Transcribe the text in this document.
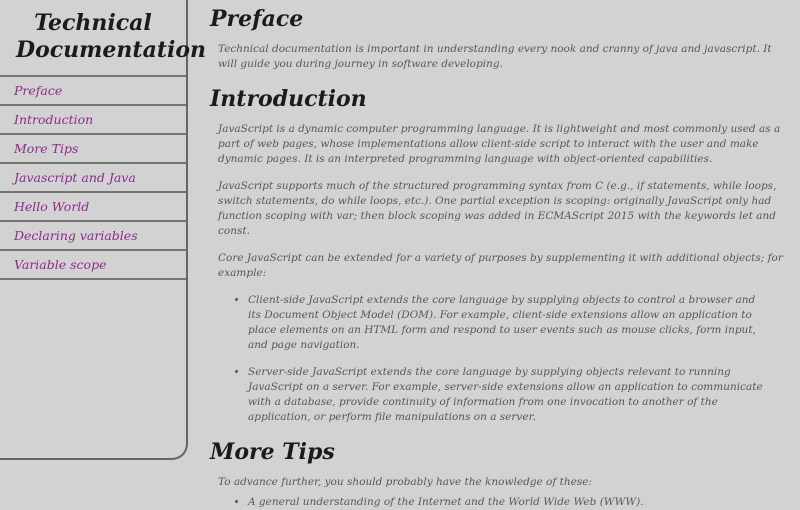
Technical Documentation
Preface
Introduction
More Tips
Javascript and Java
Hello World
Declaring variables
Variable scope
Preface

Technical documentation is important in understanding every nook and cranny of java and javascript. It will guide you during journey in software developing.

Introduction

JavaScript is a dynamic computer programming language. It is lightweight and most commonly used as a part of web pages, whose implementations allow client-side script to interact with the user and make dynamic pages. It is an interpreted programming language with object-oriented capabilities.

JavaScript supports much of the structured programming syntax from C (e.g., if statements, while loops, switch statements, do while loops, etc.). One partial exception is scoping: originally JavaScript only had function scoping with var; then block scoping was added in ECMAScript 2015 with the keywords let and const.

Core JavaScript can be extended for a variety of purposes by supplementing it with additional objects; for example:

• Client-side JavaScript extends the core language by supplying objects to control a browser and its Document Object Model (DOM). For example, client-side extensions allow an application to place elements on an HTML form and respond to user events such as mouse clicks, form input, and page navigation.
• Server-side JavaScript extends the core language by supplying objects relevant to running JavaScript on a server. For example, server-side extensions allow an application to communicate with a database, provide continuity of information from one invocation to another of the application, or perform file manipulations on a server.
More Tips

To advance further, you should probably have the knowledge of these:

• A general understanding of the Internet and the World Wide Web (WWW).
